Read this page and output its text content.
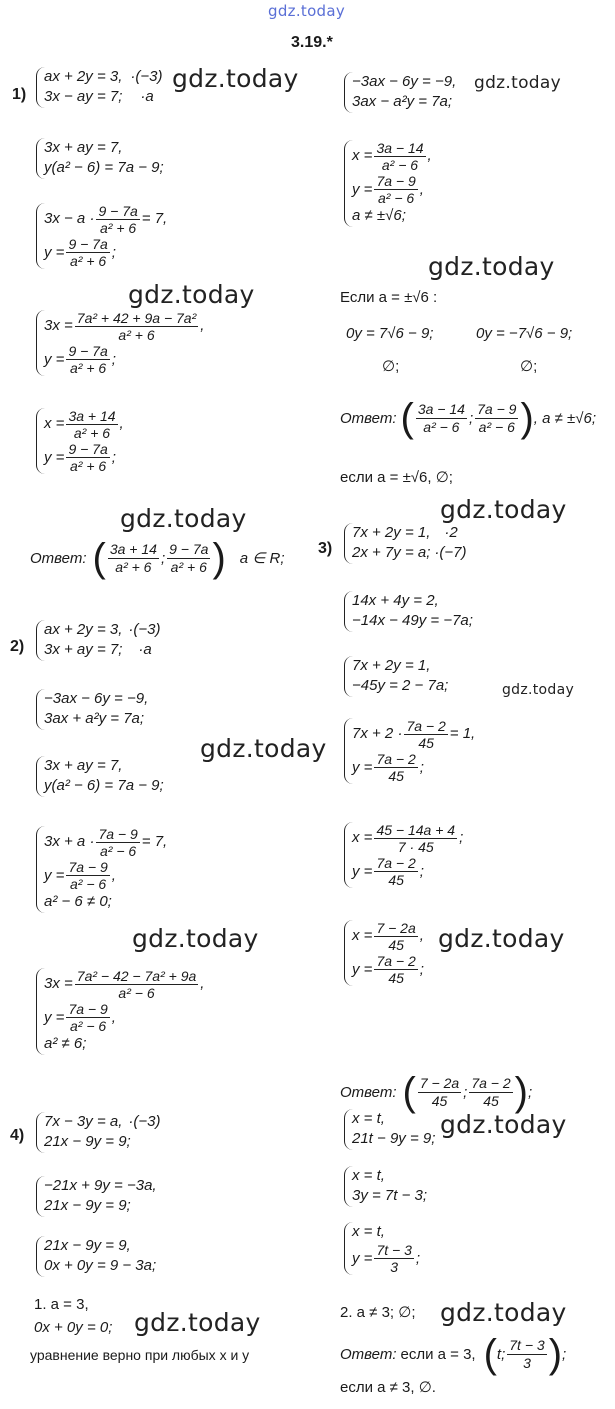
gdz.today
gdz.today	gdz.today
gdz.today
gdz.today
gdz.today	gdz.today
gdz.today
gdz.today
gdz.today	gdz.today
gdz.today
gdz.today
gdz.today
3.19.*
1)
ax + 2y = 3, ·(−3)
3x − ay = 7; ·a
3x + ay = 7,
y(a² − 6) = 7a − 9;
$3x - a \cdot \frac{9 - 7a}{\text{a² + 6}} = 7$,
$y = \frac{9 - 7a}{\text{a² + 6}}$ ;
$3x = \frac{\text{7a² + 42 + 9a − 7a²}}{\text{a² + 6}}$ ,
$y = \frac{9 - 7a}{\text{a² + 6}}$ ;
$x = \frac{3a + 14}{\text{a² + 6}}$ ,
$y = \frac{9 - 7a}{\text{a² + 6}}$ ;
Ответ: ( $\frac{3a + 14}{\text{a² + 6}}$ ; $\frac{9 - 7a}{\text{a² + 6}}$ ) a ∈ R;
−3ax − 6y = −9,
3ax − a²y = 7a;
$x = \frac{3a - 14}{\text{a² − 6}}$ ,
$y = \frac{7a - 9}{\text{a² − 6}}$ ,
a ≠ ±√6;
Если a = ±√6 :
0y = 7√6 − 9;	0y = −7√6 − 9;
∅;	∅;
Ответ: ( $\frac{3a - 14}{\text{a² − 6}}$ ; $\frac{7a - 9}{\text{a² − 6}}$ ) , a ≠ ±√6;
если a = ±√6, ∅;
2)
ax + 2y = 3, ·(−3)
3x + ay = 7; ·a
−3ax − 6y = −9,
3ax + a²y = 7a;
3x + ay = 7,
y(a² − 6) = 7a − 9;
$3x + a \cdot \frac{7a - 9}{\text{a² − 6}} = 7$,
$y = \frac{7a - 9}{\text{a² − 6}}$ ,
a² − 6 ≠ 0;
$3x = \frac{\text{7a² − 42 − 7a² + 9a}}{\text{a² − 6}}$ ,
$y = \frac{7a - 9}{\text{a² − 6}}$ ,
a² ≠ 6;
3)
7x + 2y = 1, ·2
2x + 7y = a; ·(−7)
14x + 4y = 2,
−14x − 49y = −7a;
7x + 2y = 1,
−45y = 2 − 7a;
$7x + 2 \cdot \frac{7a - 2}{45} = 1$,
$y = \frac{7a - 2}{45}$ ;
$x = \frac{45 - 14a + 4}{7 \cdot 45}$ ;
$y = \frac{7a - 2}{45}$ ;
$x = \frac{7 - 2a}{45}$ ,
$y = \frac{7a - 2}{45}$ ;
Ответ: ( $\frac{7 - 2a}{45}$ ; $\frac{7a - 2}{45}$ ) ;
4)
7x − 3y = a, ·(−3)
21x − 9y = 9;
−21x + 9y = −3a,
21x − 9y = 9;
21x − 9y = 9,
0x + 0y = 9 − 3a;
1. a = 3,
0x + 0y = 0;
уравнение верно при любых x и y
x = t,
21t − 9y = 9;
x = t,
3y = 7t − 3;
x = t,
$y = \frac{7t - 3}{3}$ ;
2. a ≠ 3; ∅;
Ответ: если a = 3, ( t; $\frac{7t - 3}{3}$ ) ;
если a ≠ 3, ∅.
